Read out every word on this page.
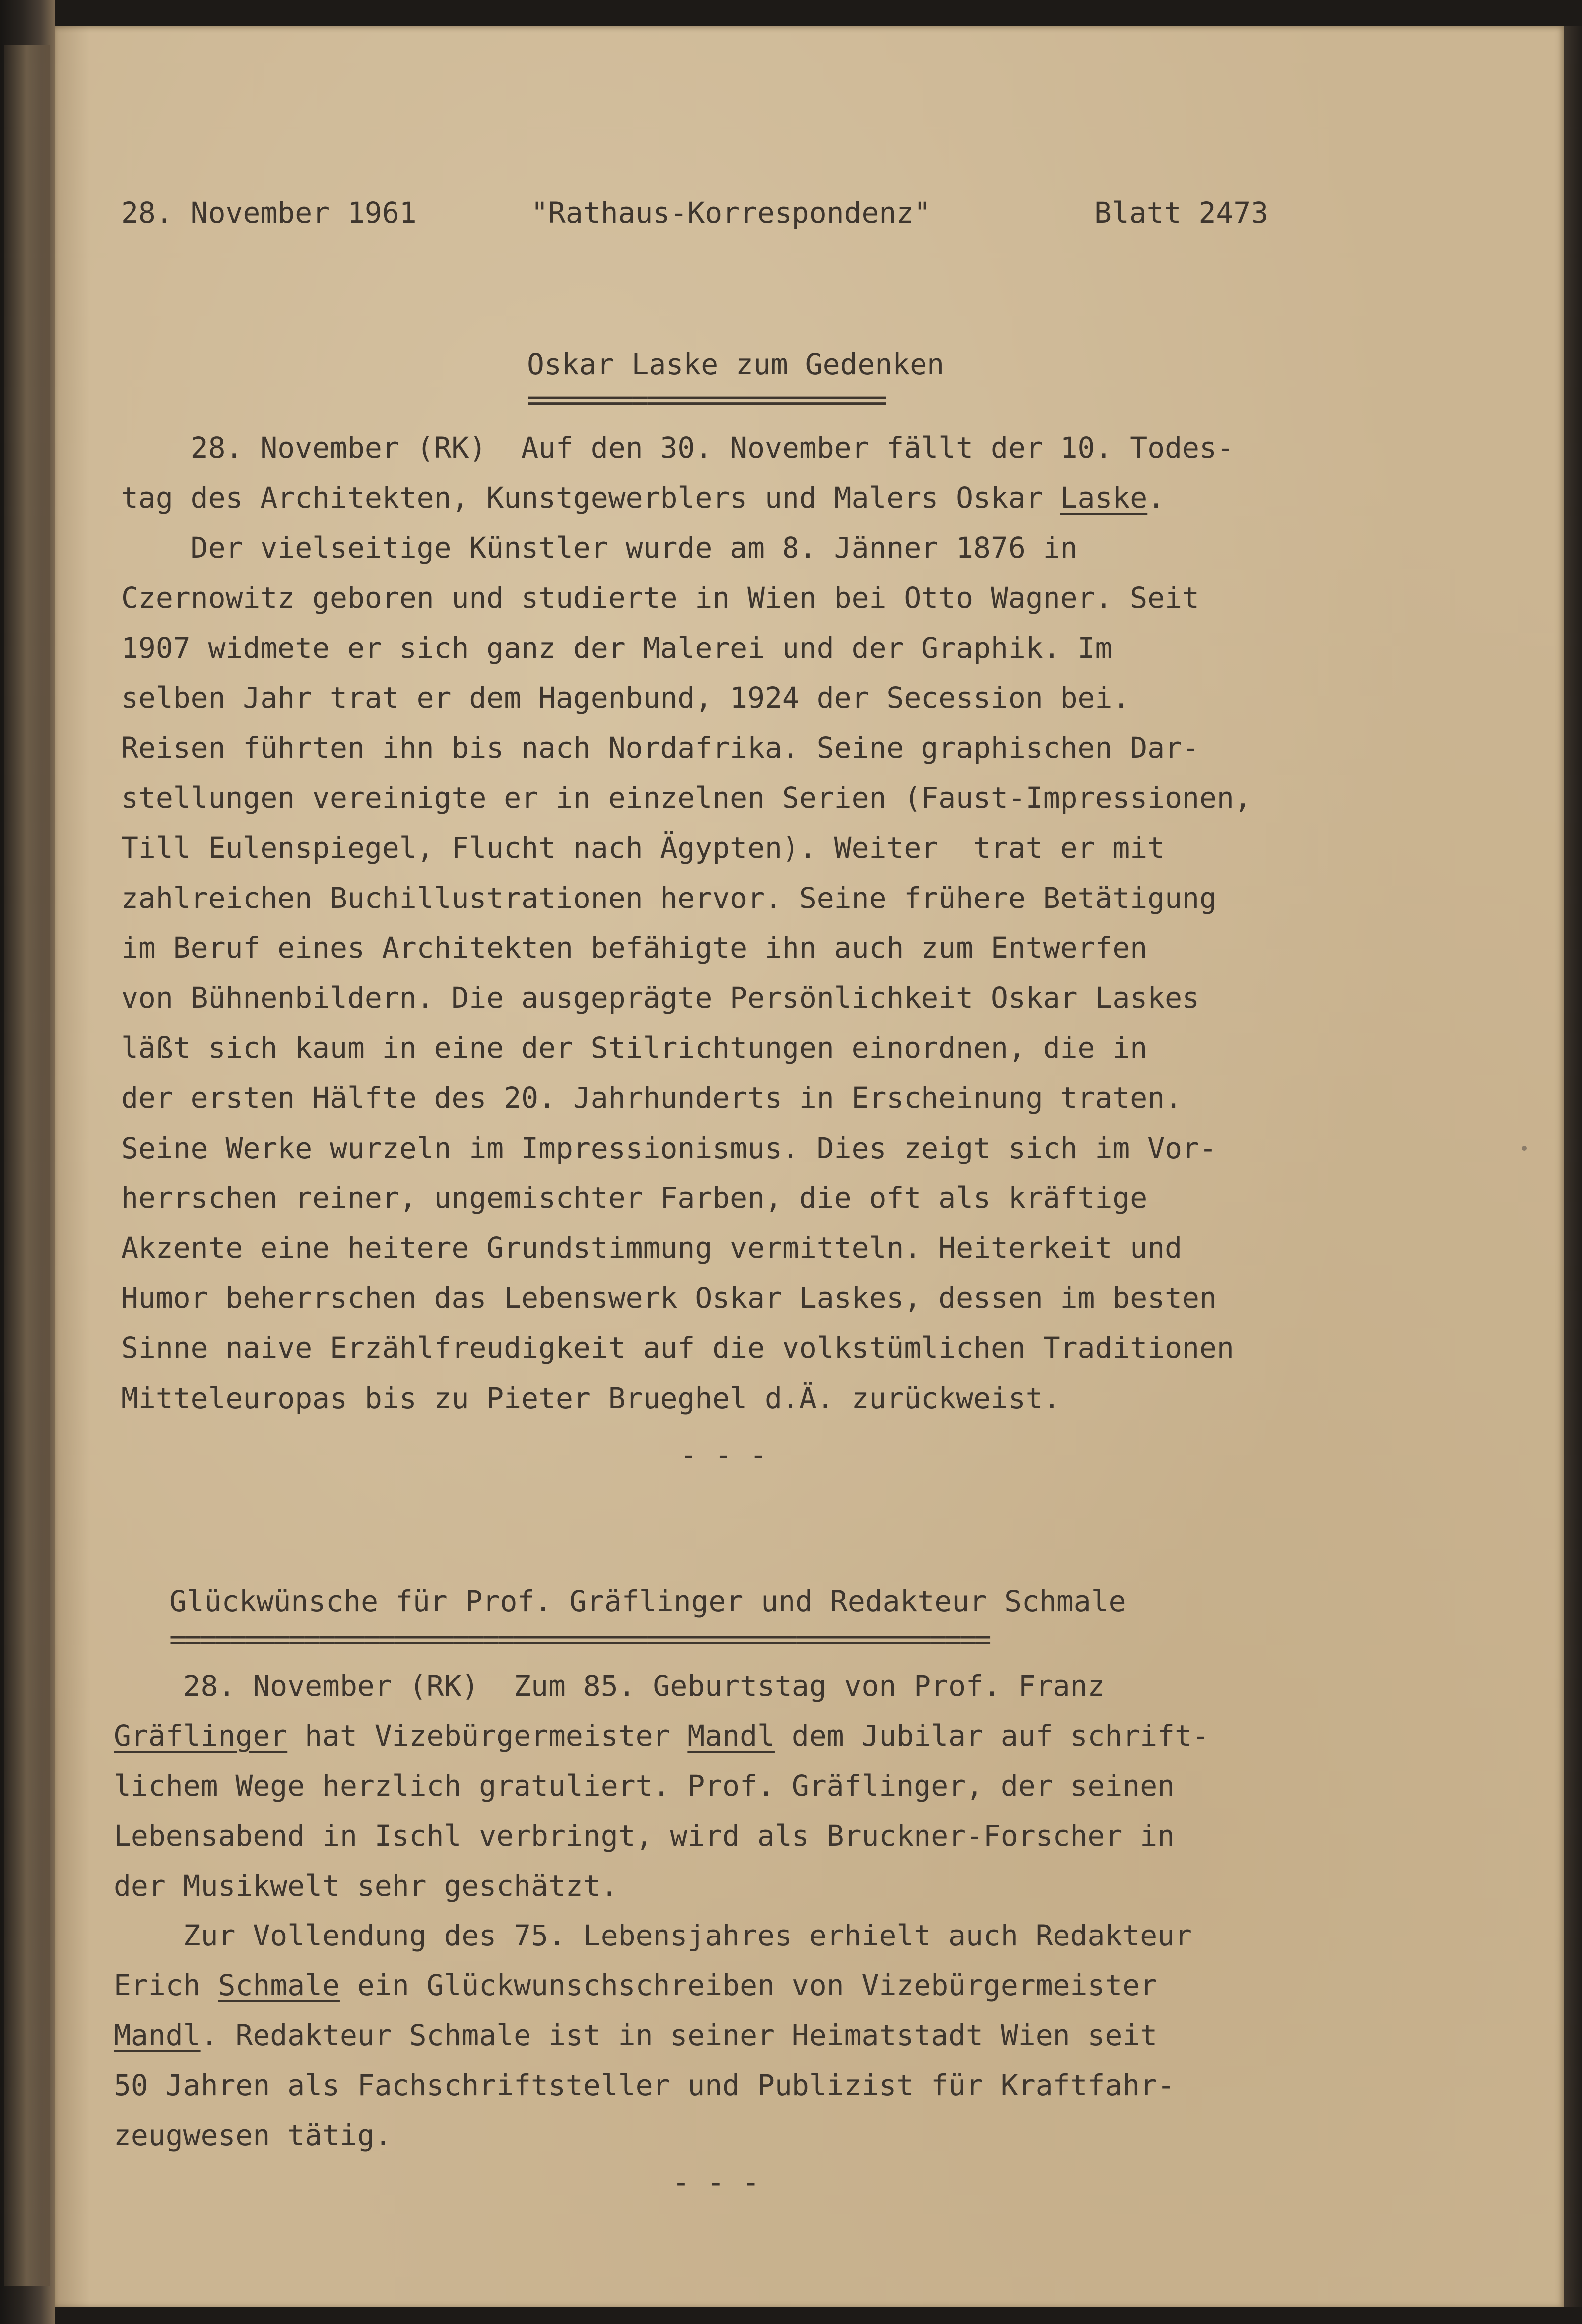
28. November 1961

	"Rathaus-Korrespondenz"

	Blatt 2473

Oskar Laske zum Gedenken

========================

28. November (RK)  Auf den 30. November fällt der 10. Todes-
tag des Architekten, Kunstgewerblers und Malers Oskar Laske.
Der vielseitige Künstler wurde am 8. Jänner 1876 in
Czernowitz geboren und studierte in Wien bei Otto Wagner. Seit
1907 widmete er sich ganz der Malerei und der Graphik. Im
selben Jahr trat er dem Hagenbund, 1924 der Secession bei.
Reisen führten ihn bis nach Nordafrika. Seine graphischen Dar-
stellungen vereinigte er in einzelnen Serien (Faust-Impressionen,
Till Eulenspiegel, Flucht nach Ägypten). Weiter  trat er mit
zahlreichen Buchillustrationen hervor. Seine frühere Betätigung
im Beruf eines Architekten befähigte ihn auch zum Entwerfen
von Bühnenbildern. Die ausgeprägte Persönlichkeit Oskar Laskes
läßt sich kaum in eine der Stilrichtungen einordnen, die in
der ersten Hälfte des 20. Jahrhunderts in Erscheinung traten.
Seine Werke wurzeln im Impressionismus. Dies zeigt sich im Vor-
herrschen reiner, ungemischter Farben, die oft als kräftige
Akzente eine heitere Grundstimmung vermitteln. Heiterkeit und
Humor beherrschen das Lebenswerk Oskar Laskes, dessen im besten
Sinne naive Erzählfreudigkeit auf die volkstümlichen Traditionen
Mitteleuropas bis zu Pieter Brueghel d.Ä. zurückweist.

- - -

Glückwünsche für Prof. Gräflinger und Redakteur Schmale

=======================================================

28. November (RK)  Zum 85. Geburtstag von Prof. Franz
Gräflinger hat Vizebürgermeister Mandl dem Jubilar auf schrift-
lichem Wege herzlich gratuliert. Prof. Gräflinger, der seinen
Lebensabend in Ischl verbringt, wird als Bruckner-Forscher in
der Musikwelt sehr geschätzt.
Zur Vollendung des 75. Lebensjahres erhielt auch Redakteur
Erich Schmale ein Glückwunschschreiben von Vizebürgermeister
Mandl. Redakteur Schmale ist in seiner Heimatstadt Wien seit
50 Jahren als Fachschriftsteller und Publizist für Kraftfahr-
zeugwesen tätig.

- - -
